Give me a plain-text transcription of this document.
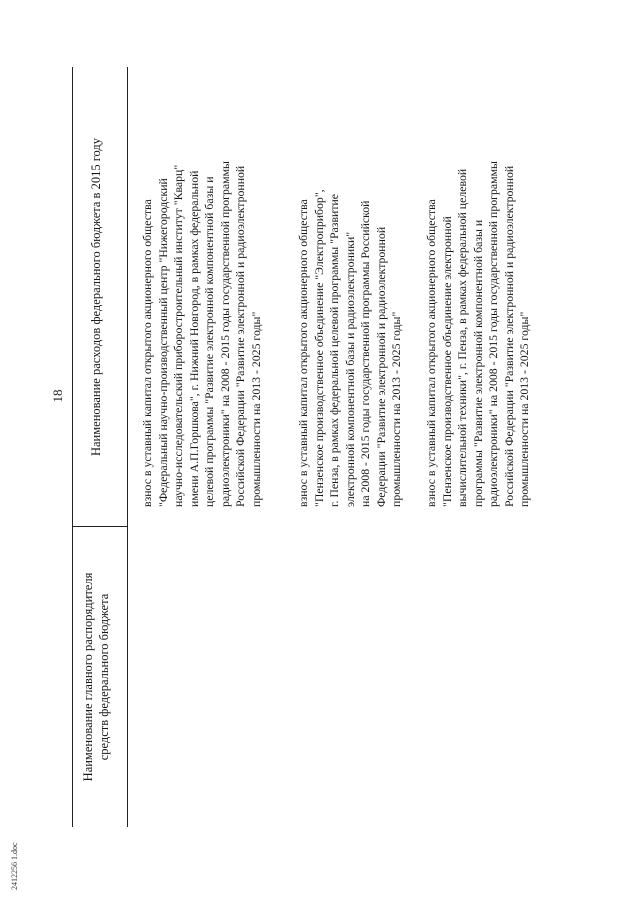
18
Наименование главного распорядителя средств федерального бюджета
Наименование расходов федерального бюджета в 2015 году	взнос в уставный капитал открытого акционерного общества "Федеральный научно-производственный центр "Нижегородский научно-исследовательский приборостроительный институт "Кварц" имени А.П.Горшкова", г. Нижний Новгород, в рамках федеральной целевой программы "Развитие электронной компонентной базы и радиоэлектроники" на 2008 - 2015 годы государственной программы Российской Федерации "Развитие электронной и радиоэлектронной промышленности на 2013 - 2025 годы"	взнос в уставный капитал открытого акционерного общества "Пензенское производственное объединение "Электроприбор", г. Пенза, в рамках федеральной целевой программы "Развитие электронной компонентной базы и радиоэлектроники" на 2008 - 2015 годы государственной программы Российской Федерации "Развитие электронной и радиоэлектронной промышленности на 2013 - 2025 годы" взнос в уставный капитал открытого акционерного общества "Пензенское производственное объединение электронной вычислительной техники", г. Пенза, в рамках федеральной целевой программы "Развитие электронной компонентной базы и радиоэлектроники" на 2008 - 2015 годы государственной программы Российской Федерации "Развитие электронной и радиоэлектронной промышленности на 2013 - 2025 годы"
2412256 1.doc
